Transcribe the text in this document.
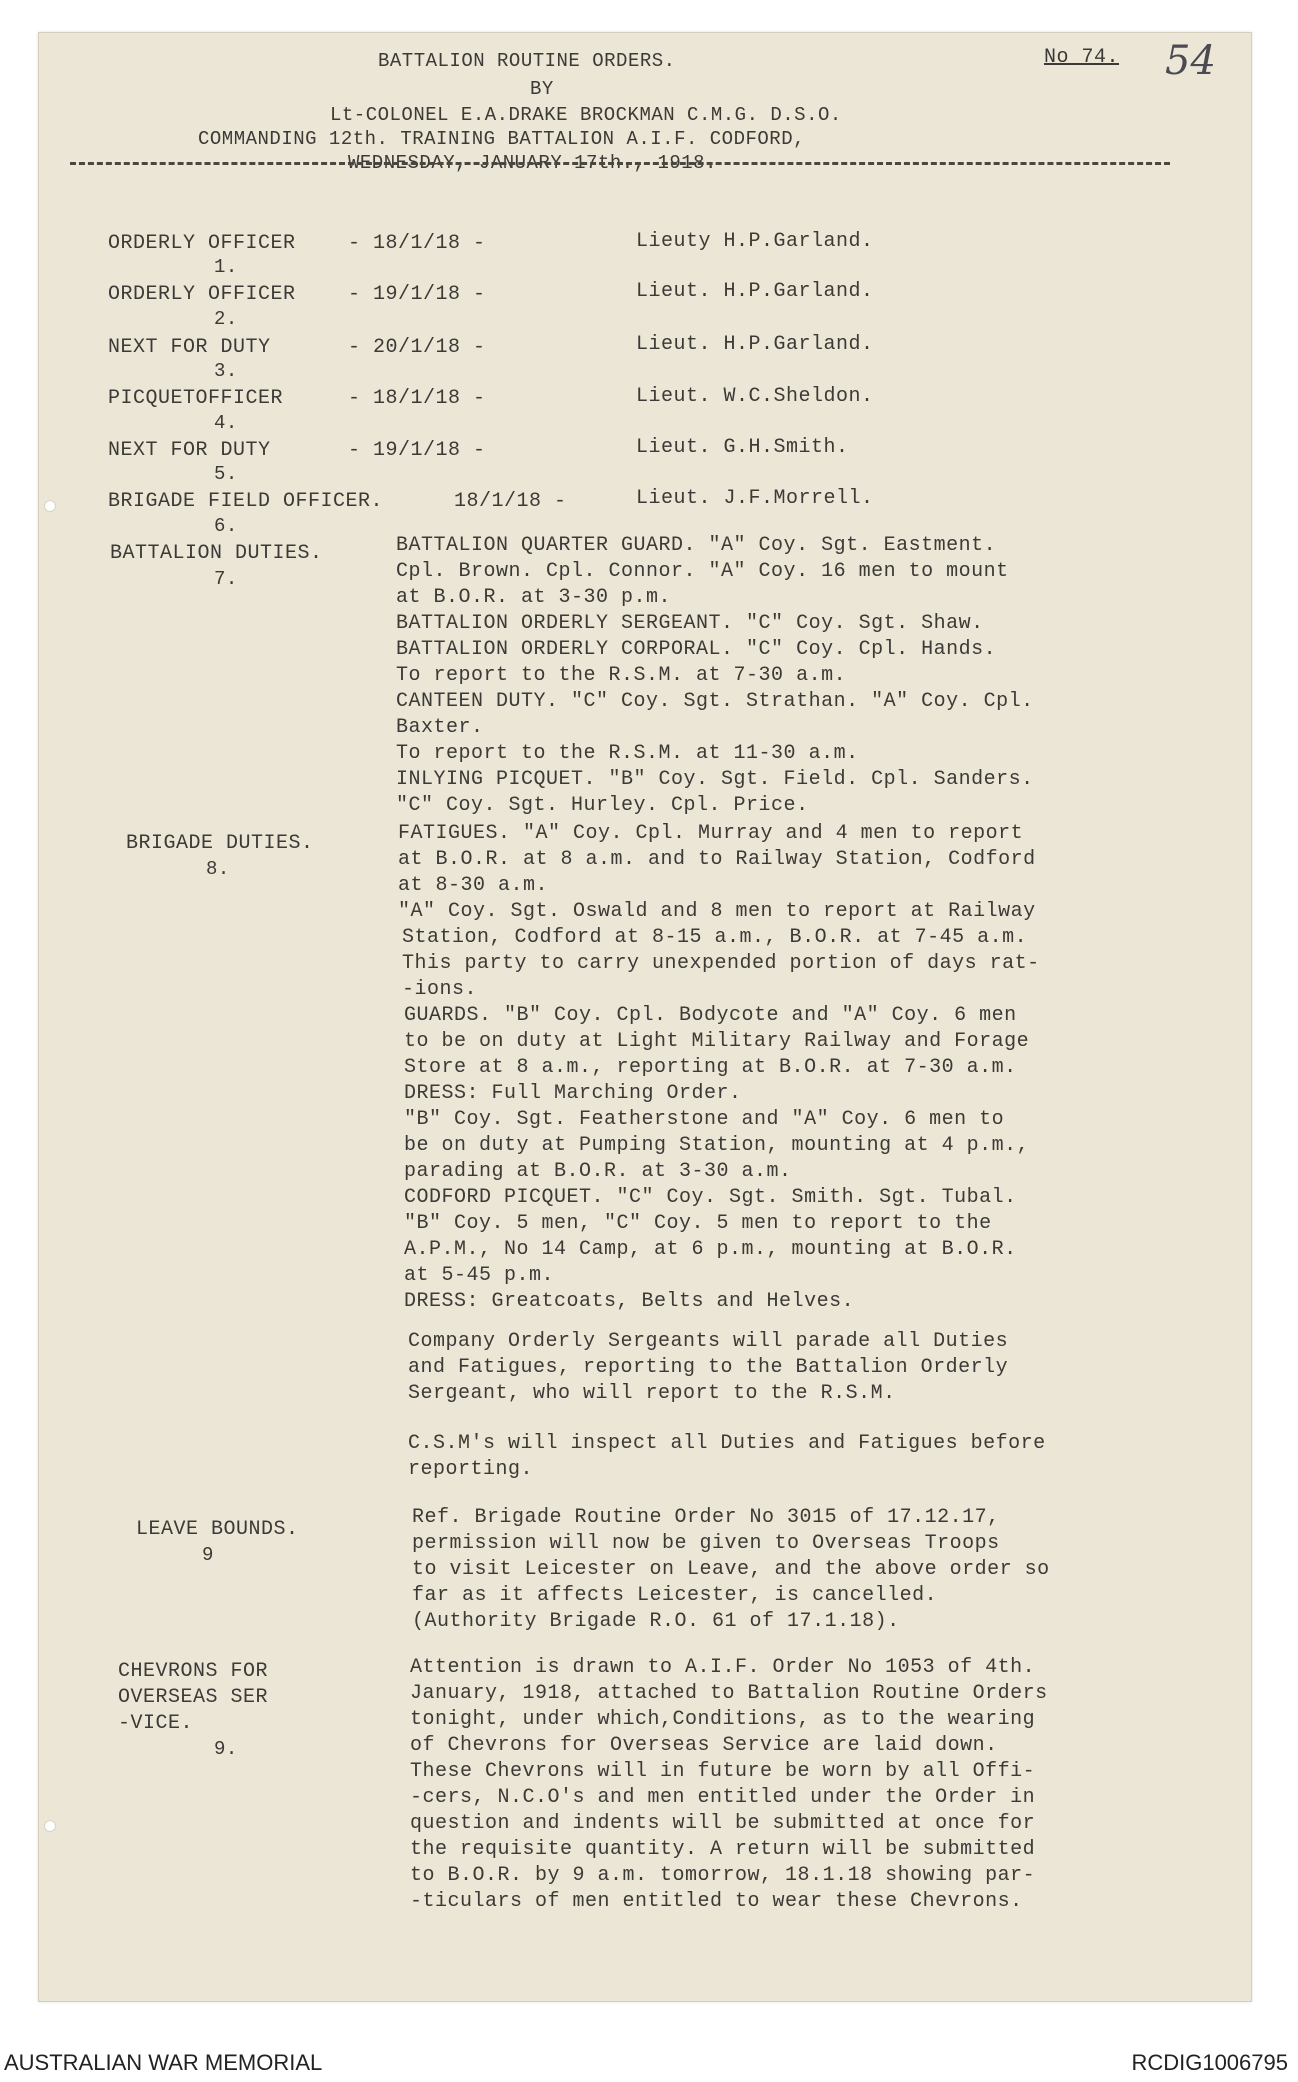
54
No 74.
BATTALION ROUTINE ORDERS.
BY
Lt-COLONEL E.A.DRAKE BROCKMAN C.M.G. D.S.O.
COMMANDING 12th. TRAINING BATTALION A.I.F. CODFORD,
WEDNESDAY, JANUARY 17th., 1918.
ORDERLY OFFICER	- 18/1/18 -	Lieuty H.P.Garland.
1.
ORDERLY OFFICER	- 19/1/18 -	Lieut. H.P.Garland.
2.
NEXT FOR DUTY	- 20/1/18 -	Lieut. H.P.Garland.
3.
PICQUETOFFICER	- 18/1/18 -	Lieut. W.C.Sheldon.
4.
NEXT FOR DUTY	- 19/1/18 -	Lieut. G.H.Smith.
5.
BRIGADE FIELD OFFICER.	18/1/18 -	Lieut. J.F.Morrell.
6.
BATTALION DUTIES.
7.
BATTALION QUARTER GUARD. "A" Coy. Sgt. Eastment.
Cpl. Brown. Cpl. Connor. "A" Coy. 16 men to mount
at B.O.R. at 3-30 p.m.
BATTALION ORDERLY SERGEANT. "C" Coy. Sgt. Shaw.
BATTALION ORDERLY CORPORAL. "C" Coy. Cpl. Hands.
To report to the R.S.M. at 7-30 a.m.
CANTEEN DUTY. "C" Coy. Sgt. Strathan. "A" Coy. Cpl.
Baxter.
To report to the R.S.M. at 11-30 a.m.
INLYING PICQUET. "B" Coy. Sgt. Field. Cpl. Sanders.
"C" Coy. Sgt. Hurley. Cpl. Price.
BRIGADE DUTIES.
8.
FATIGUES. "A" Coy. Cpl. Murray and 4 men to report
at B.O.R. at 8 a.m. and to Railway Station, Codford
at 8-30 a.m.
"A" Coy. Sgt. Oswald and 8 men to report at Railway
Station, Codford at 8-15 a.m., B.O.R. at 7-45 a.m.
This party to carry unexpended portion of days rat-
-ions.
GUARDS. "B" Coy. Cpl. Bodycote and "A" Coy. 6 men
to be on duty at Light Military Railway and Forage
Store at 8 a.m., reporting at B.O.R. at 7-30 a.m.
DRESS: Full Marching Order.
"B" Coy. Sgt. Featherstone and "A" Coy. 6 men to
be on duty at Pumping Station, mounting at 4 p.m.,
parading at B.O.R. at 3-30 a.m.
CODFORD PICQUET. "C" Coy. Sgt. Smith. Sgt. Tubal.
"B" Coy. 5 men, "C" Coy. 5 men to report to the
A.P.M., No 14 Camp, at 6 p.m., mounting at B.O.R.
at 5-45 p.m.
DRESS: Greatcoats, Belts and Helves.
Company Orderly Sergeants will parade all Duties
and Fatigues, reporting to the Battalion Orderly
Sergeant, who will report to the R.S.M.
C.S.M's will inspect all Duties and Fatigues before
reporting.
LEAVE BOUNDS.
9
Ref. Brigade Routine Order No 3015 of 17.12.17,
permission will now be given to Overseas Troops
to visit Leicester on Leave, and the above order so
far as it affects Leicester, is cancelled.
(Authority Brigade R.O. 61 of 17.1.18).
CHEVRONS FOR
OVERSEAS SER
-VICE.
9.
Attention is drawn to A.I.F. Order No 1053 of 4th.
January, 1918, attached to Battalion Routine Orders
tonight, under which,Conditions, as to the wearing
of Chevrons for Overseas Service are laid down.
These Chevrons will in future be worn by all Offi-
-cers, N.C.O's and men entitled under the Order in
question and indents will be submitted at once for
the requisite quantity. A return will be submitted
to B.O.R. by 9 a.m. tomorrow, 18.1.18 showing par-
-ticulars of men entitled to wear these Chevrons.
AUSTRALIAN WAR MEMORIAL	RCDIG1006795
